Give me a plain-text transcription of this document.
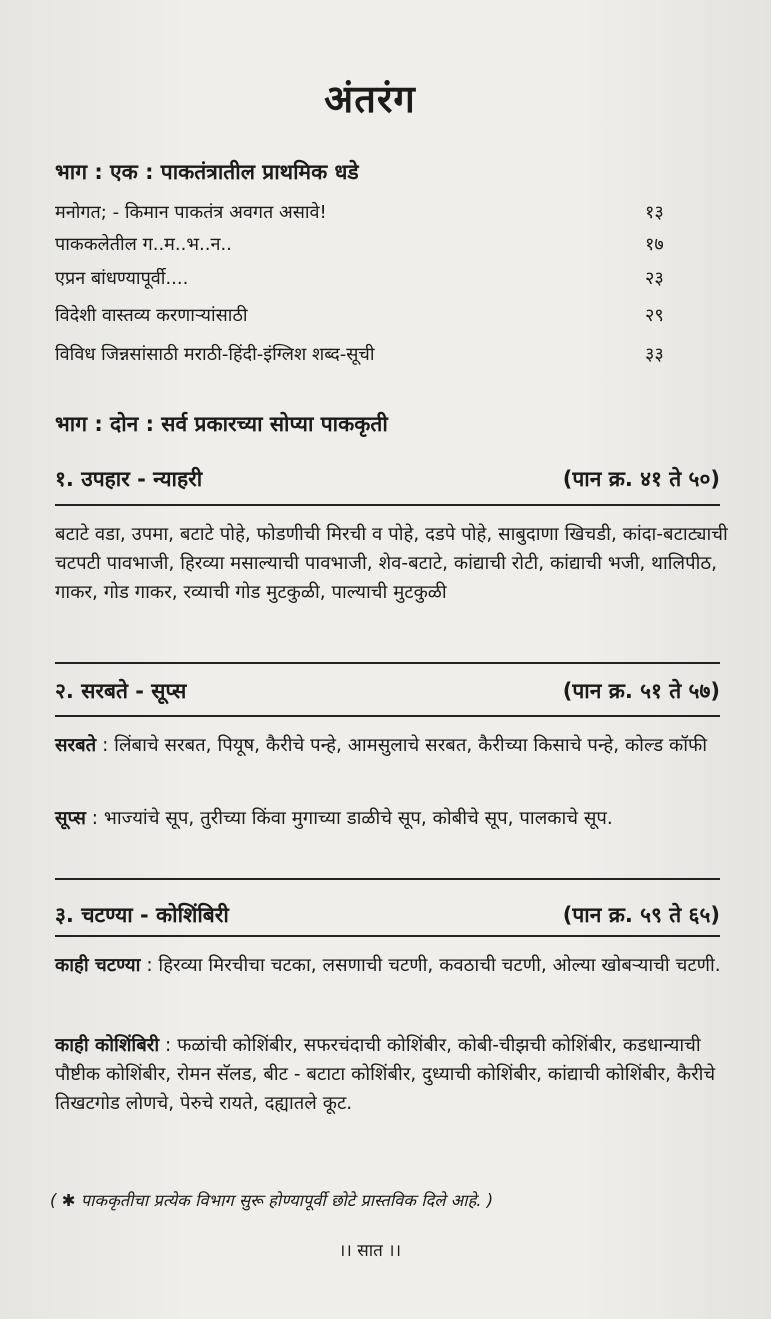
अंतरंग
भाग : एक : पाकतंत्रातील प्राथमिक धडे
मनोगत; - किमान पाकतंत्र अवगत असावे!	१३
पाककलेतील ग..म..भ..न..	१७
एप्रन बांधण्यापूर्वी....	२३
विदेशी वास्तव्य करणाऱ्यांसाठी	२९
विविध जिन्नसांसाठी मराठी-हिंदी-इंग्लिश शब्द-सूची	३३
भाग : दोन : सर्व प्रकारच्या सोप्या पाककृती
१. उपहार - न्याहरी	(पान क्र. ४१ ते ५०)
बटाटे वडा, उपमा, बटाटे पोहे, फोडणीची मिरची व पोहे, दडपे पोहे, साबुदाणा खिचडी, कांदा-बटाट्याची चटपटी पावभाजी, हिरव्या मसाल्याची पावभाजी, शेव-बटाटे, कांद्याची रोटी, कांद्याची भजी, थालिपीठ, गाकर, गोड गाकर, रव्याची गोड मुटकुळी, पाल्याची मुटकुळी
२. सरबते - सूप्स	(पान क्र. ५१ ते ५७)
सरबते : लिंबाचे सरबत, पियूष, कैरीचे पन्हे, आमसुलाचे सरबत, कैरीच्या किसाचे पन्हे, कोल्ड कॉफी
सूप्स : भाज्यांचे सूप, तुरीच्या किंवा मुगाच्या डाळीचे सूप, कोबीचे सूप, पालकाचे सूप.
३. चटण्या - कोशिंबिरी	(पान क्र. ५९ ते ६५)
काही चटण्या : हिरव्या मिरचीचा चटका, लसणाची चटणी, कवठाची चटणी, ओल्या खोबऱ्याची चटणी.
काही कोशिंबिरी : फळांची कोशिंबीर, सफरचंदाची कोशिंबीर, कोबी-चीझची कोशिंबीर, कडधान्याची पौष्टीक कोशिंबीर, रोमन सॅलड, बीट - बटाटा कोशिंबीर, दुध्याची कोशिंबीर, कांद्याची कोशिंबीर, कैरीचे तिखटगोड लोणचे, पेरुचे रायते, दह्यातले कूट.
( ✱ पाककृतीचा प्रत्येक विभाग सुरू होण्यापूर्वी छोटे प्रास्तविक दिले आहे. )
।। सात ।।
